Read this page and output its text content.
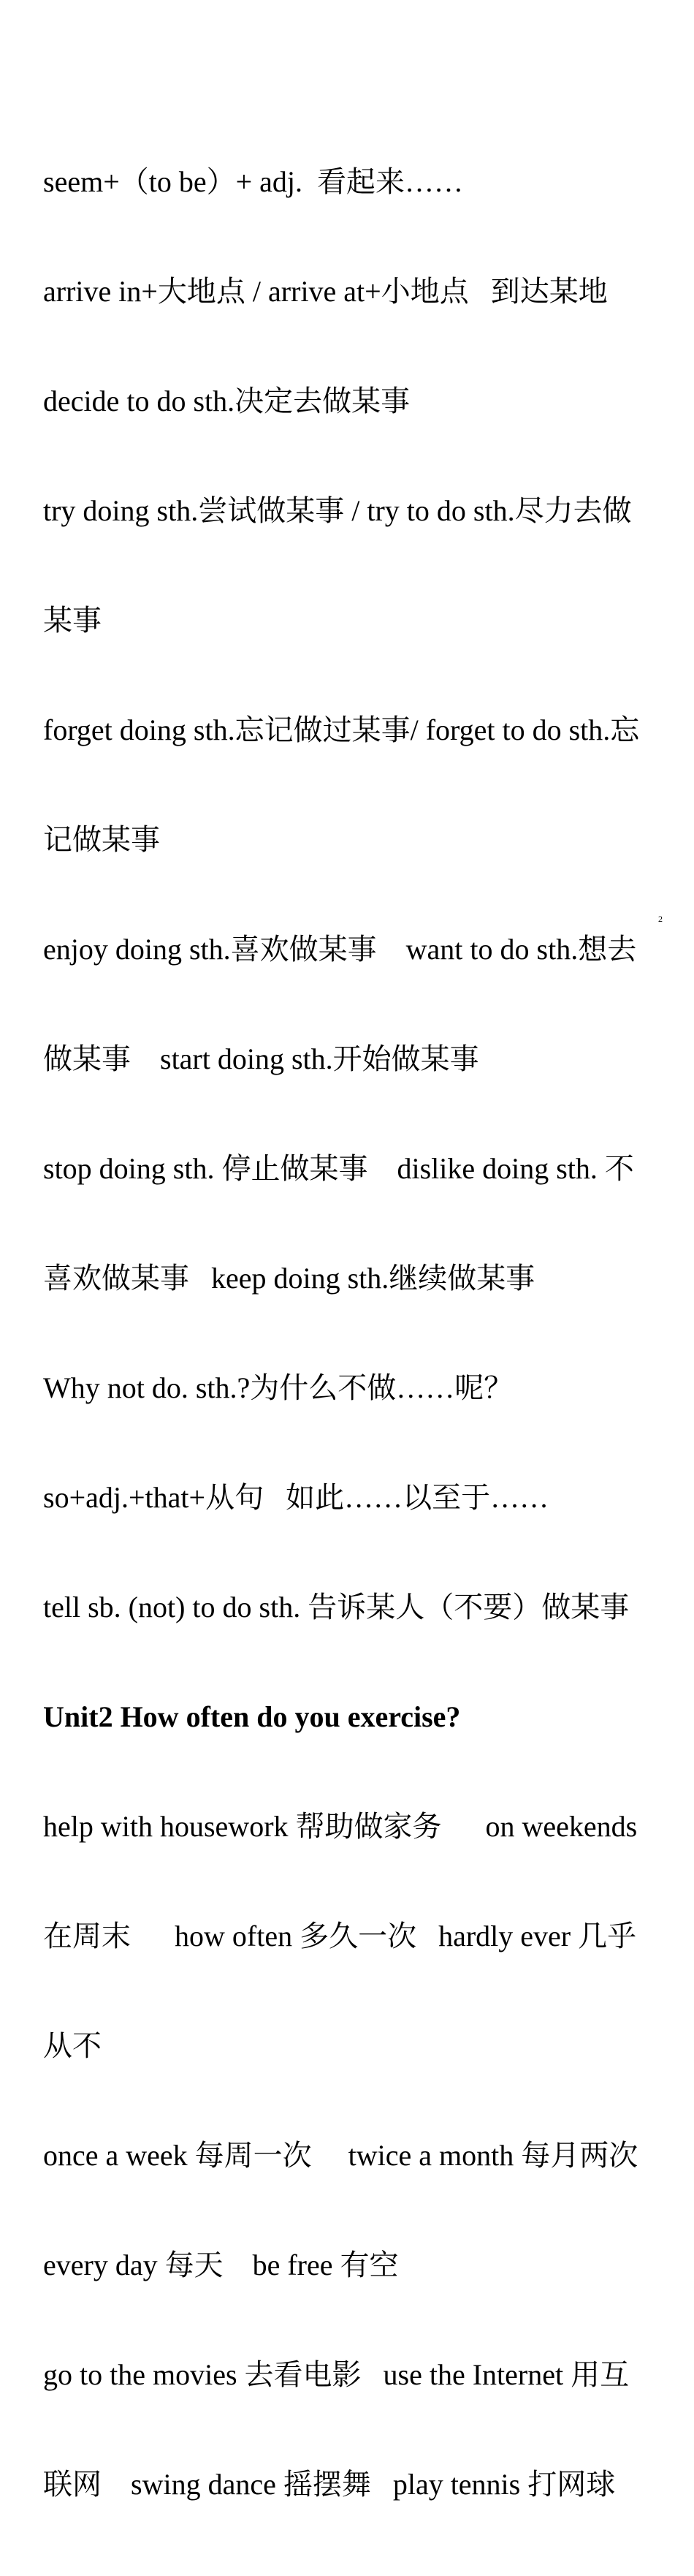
seem+（to be）+ adj.  看起来……

arrive in+大地点 / arrive at+小地点   到达某地

decide to do sth.决定去做某事

try doing sth.尝试做某事 / try to do sth.尽力去做

某事

forget doing sth.忘记做过某事/ forget to do sth.忘

记做某事

enjoy doing sth.喜欢做某事    want to do sth.想去

做某事    start doing sth.开始做某事

stop doing sth. 停止做某事    dislike doing sth. 不

喜欢做某事   keep doing sth.继续做某事

Why not do. sth.?为什么不做……呢？

so+adj.+that+从句   如此……以至于……

tell sb. (not) to do sth. 告诉某人（不要）做某事

Unit2 How often do you exercise?

help with housework 帮助做家务      on weekends

在周末      how often 多久一次   hardly ever 几乎

从不

once a week 每周一次     twice a month 每月两次

every day 每天    be free 有空

go to the movies 去看电影   use the Internet 用互

联网    swing dance 摇摆舞   play tennis 打网球

2
